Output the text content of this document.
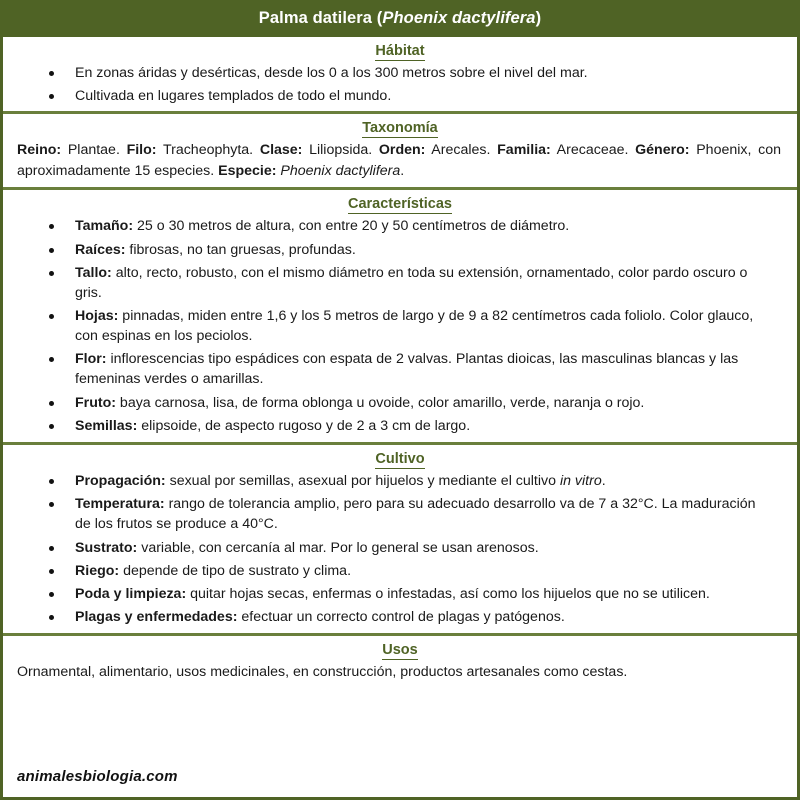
Palma datilera (Phoenix dactylifera)
Hábitat
En zonas áridas y desérticas, desde los 0 a los 300 metros sobre el nivel del mar.
Cultivada en lugares templados de todo el mundo.
Taxonomía

Reino: Plantae. Filo: Tracheophyta. Clase: Liliopsida. Orden: Arecales. Familia: Arecaceae. Género: Phoenix, con aproximadamente 15 especies. Especie: Phoenix dactylifera.

Características
Tamaño: 25 o 30 metros de altura, con entre 20 y 50 centímetros de diámetro.
Raíces: fibrosas, no tan gruesas, profundas.
Tallo: alto, recto, robusto, con el mismo diámetro en toda su extensión, ornamentado, color pardo oscuro o gris.
Hojas: pinnadas, miden entre 1,6 y los 5 metros de largo y de 9 a 82 centímetros cada foliolo. Color glauco, con espinas en los peciolos.
Flor: inflorescencias tipo espádices con espata de 2 valvas. Plantas dioicas, las masculinas blancas y las femeninas verdes o amarillas.
Fruto: baya carnosa, lisa, de forma oblonga u ovoide, color amarillo, verde, naranja o rojo.
Semillas: elipsoide, de aspecto rugoso y de 2 a 3 cm de largo.
Cultivo
Propagación: sexual por semillas, asexual por hijuelos y mediante el cultivo in vitro.
Temperatura: rango de tolerancia amplio, pero para su adecuado desarrollo va de 7 a 32°C. La maduración de los frutos se produce a 40°C.
Sustrato: variable, con cercanía al mar. Por lo general se usan arenosos.
Riego: depende de tipo de sustrato y clima.
Poda y limpieza: quitar hojas secas, enfermas o infestadas, así como los hijuelos que no se utilicen.
Plagas y enfermedades: efectuar un correcto control de plagas y patógenos.
Usos

Ornamental, alimentario, usos medicinales, en construcción, productos artesanales como cestas.

animalesbiologia.com
